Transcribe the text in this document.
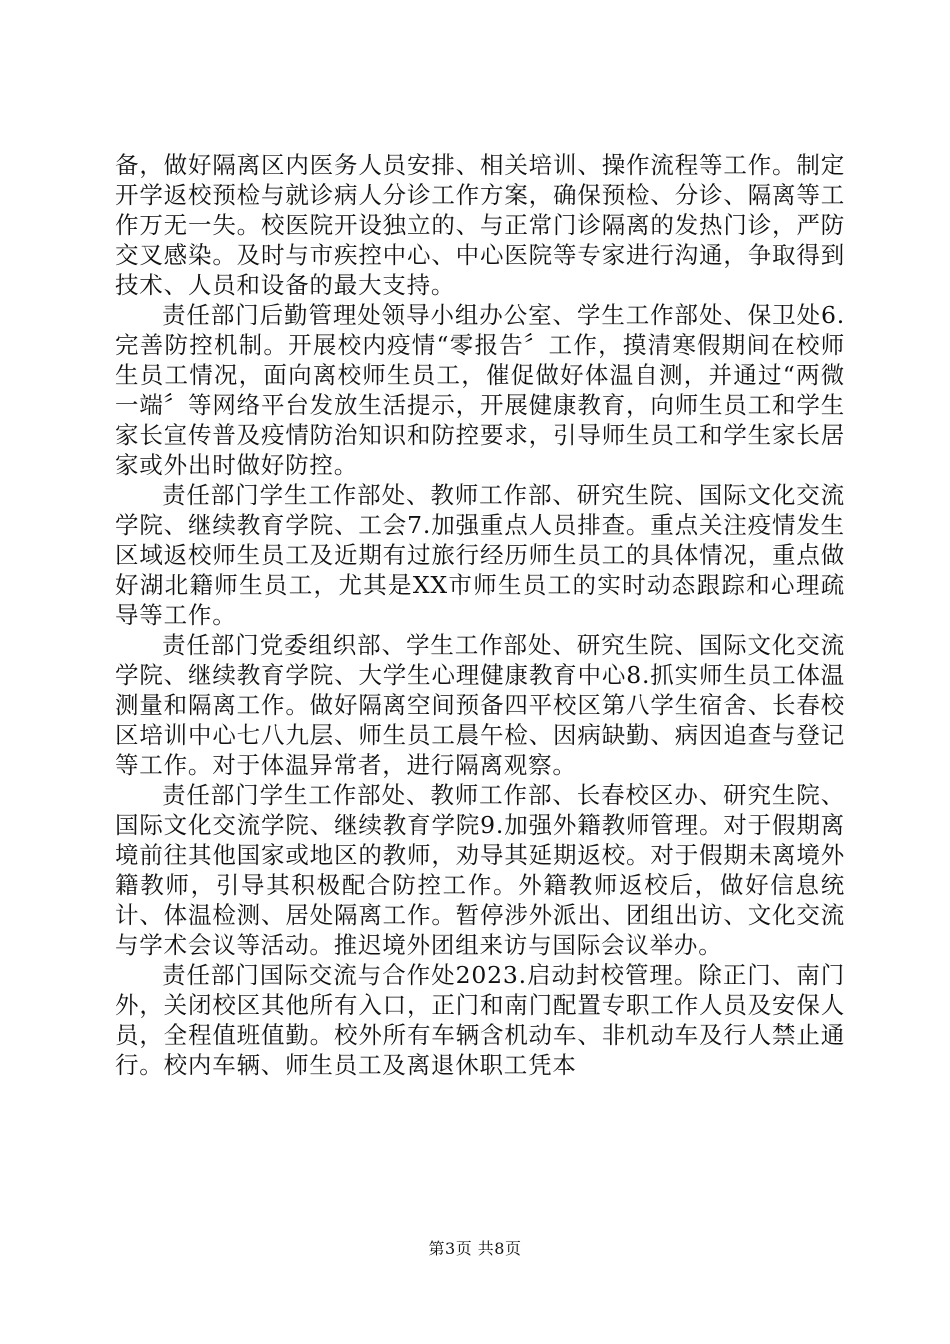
备，做好隔离区内医务人员安排、相关培训、操作流程等工作。制定开学返校预检与就诊病人分诊工作方案，确保预检、分诊、隔离等工作万无一失。校医院开设独立的、与正常门诊隔离的发热门诊，严防交叉感染。及时与市疾控中心、中心医院等专家进行沟通，争取得到技术、人员和设备的最大支持。

责任部门后勤管理处领导小组办公室、学生工作部处、保卫处6.完善防控机制。开展校内疫情“零报告〞工作，摸清寒假期间在校师生员工情况，面向离校师生员工，催促做好体温自测，并通过“两微一端〞等网络平台发放生活提示，开展健康教育，向师生员工和学生家长宣传普及疫情防治知识和防控要求，引导师生员工和学生家长居家或外出时做好防控。

责任部门学生工作部处、教师工作部、研究生院、国际文化交流学院、继续教育学院、工会7.加强重点人员排查。重点关注疫情发生区域返校师生员工及近期有过旅行经历师生员工的具体情况，重点做好湖北籍师生员工，尤其是XX市师生员工的实时动态跟踪和心理疏导等工作。

责任部门党委组织部、学生工作部处、研究生院、国际文化交流学院、继续教育学院、大学生心理健康教育中心8.抓实师生员工体温测量和隔离工作。做好隔离空间预备四平校区第八学生宿舍、长春校区培训中心七八九层、师生员工晨午检、因病缺勤、病因追查与登记等工作。对于体温异常者，进行隔离观察。

责任部门学生工作部处、教师工作部、长春校区办、研究生院、国际文化交流学院、继续教育学院9.加强外籍教师管理。对于假期离境前往其他国家或地区的教师，劝导其延期返校。对于假期未离境外籍教师，引导其积极配合防控工作。外籍教师返校后，做好信息统计、体温检测、居处隔离工作。暂停涉外派出、团组出访、文化交流与学术会议等活动。推迟境外团组来访与国际会议举办。

责任部门国际交流与合作处2023.启动封校管理。除正门、南门外，关闭校区其他所有入口，正门和南门配置专职工作人员及安保人员，全程值班值勤。校外所有车辆含机动车、非机动车及行人禁止通行。校内车辆、师生员工及离退休职工凭本

第3页 共8页
